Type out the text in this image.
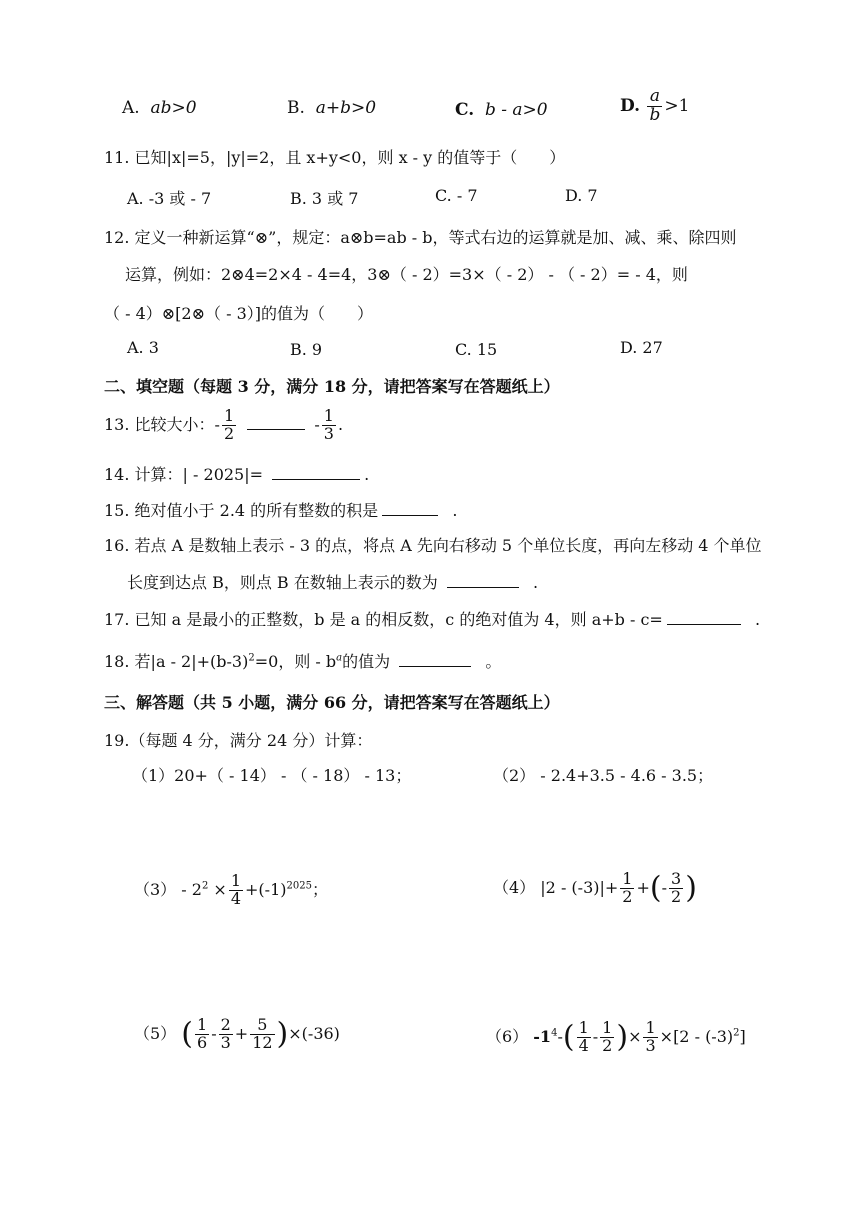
A. ab>0	B. a+b>0	C. b - a>0	D. $\frac{a}{b} >1$
11. 已知|x|=5，|y|=2，且 x+y<0，则 x - y 的值等于（　　）
A. -3 或 - 7	B. 3 或 7	C. - 7	D. 7
12. 定义一种新运算“⊗”，规定：a⊗b=ab - b，等式右边的运算就是加、减、乘、除四则
运算，例如：2⊗4=2×4 - 4=4，3⊗（ - 2）=3×（ - 2） - （ - 2）= - 4，则
（ - 4）⊗[2⊗（ - 3）]的值为（　　）
A. 3	B. 9	C. 15	D. 27
二、填空题（每题 3 分，满分 18 分，请把答案写在答题纸上）
13. 比较大小：- $\frac{1}{2}$	- $\frac{1}{3}$ .
14. 计算：| - 2025|=	.
15. 绝对值小于 2.4 的所有整数的积是	.
16. 若点 A 是数轴上表示 - 3 的点，将点 A 先向右移动 5 个单位长度，再向左移动 4 个单位
长度到达点 B，则点 B 在数轴上表示的数为	.
17. 已知 a 是最小的正整数，b 是 a 的相反数，c 的绝对值为 4，则 a+b - c=	.
18. 若$|a - 2|+(b-3)^2=0$，则 - $b^a$的值为	。
三、解答题（共 5 小题，满分 66 分，请把答案写在答题纸上）
19.（每题 4 分，满分 24 分）计算：
（1）20+（ - 14） - （ - 18） - 13；	（2） - 2.4+3.5 - 4.6 - 3.5；
$(3) - 2^2 \times \frac{1}{4} +(-1)^{2025}$；	（4） $|2 - (-3)|+ \frac{1}{2}$ +(- $\frac{3}{2}$ )
（5） ( $\frac{1}{6} - \frac{2}{3} + \frac{5}{12} )\times(-36)$	（6） $-1^4-( \frac{1}{4} - \frac{1}{2}$ )× $\frac{1}{3} \times[2 - (-3)^2]$
